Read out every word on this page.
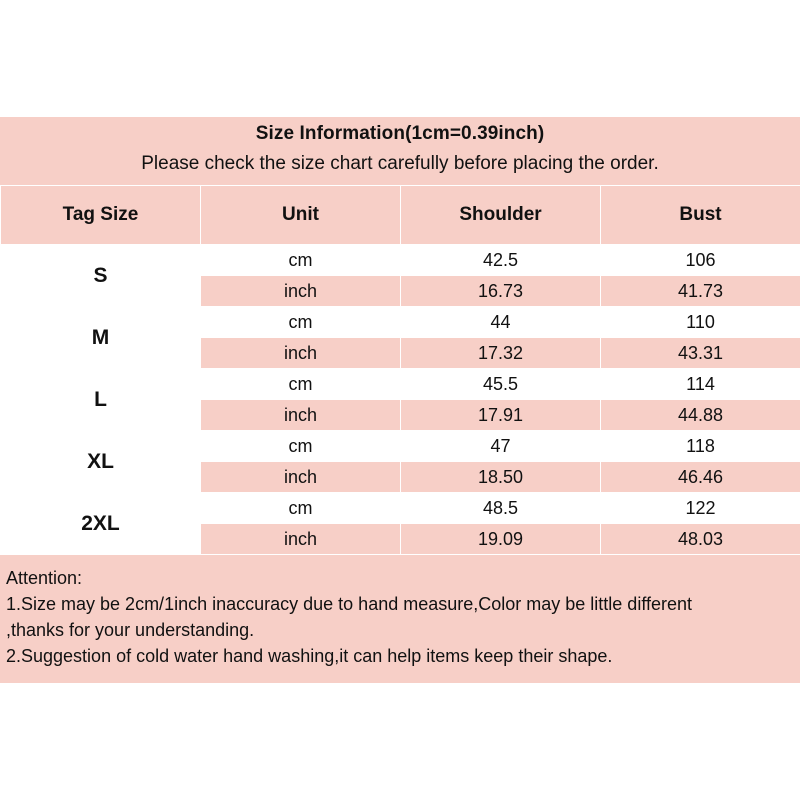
Size Information(1cm=0.39inch)
Please check the size chart carefully before placing the order.
Tag Size	Unit	Shoulder	Bust
S	cm	42.5	106
	inch	16.73	41.73
M	cm	44	110
	inch	17.32	43.31
L	cm	45.5	114
	inch	17.91	44.88
XL	cm	47	118
	inch	18.50	46.46
2XL	cm	48.5	122
	inch	19.09	48.03
Attention:
1.Size may be 2cm/1inch inaccuracy due to hand measure,Color may be little different
,thanks for your understanding.
2.Suggestion of cold water hand washing,it can help items keep their shape.
